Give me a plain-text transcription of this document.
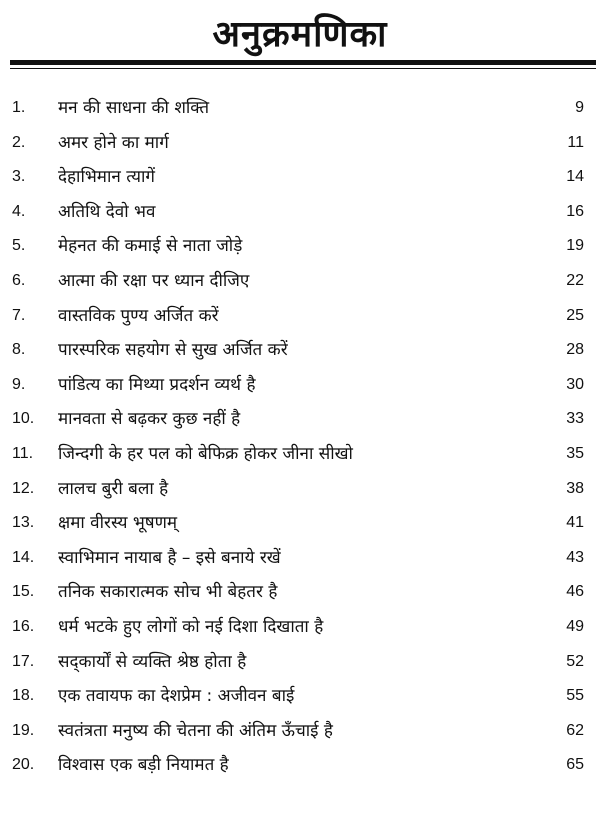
अनुक्रमणिका
1. मन की साधना की शक्ति	9
2. अमर होने का मार्ग	11
3. देहाभिमान त्यागें	14
4. अतिथि देवो भव	16
5. मेहनत की कमाई से नाता जोड़े	19
6. आत्मा की रक्षा पर ध्यान दीजिए	22
7. वास्तविक पुण्य अर्जित करें	25
8. पारस्परिक सहयोग से सुख अर्जित करें	28
9. पांडित्य का मिथ्या प्रदर्शन व्यर्थ है	30
10. मानवता से बढ़कर कुछ नहीं है	33
11. जिन्दगी के हर पल को बेफिक्र होकर जीना सीखो	35
12. लालच बुरी बला है	38
13. क्षमा वीरस्य भूषणम्	41
14. स्वाभिमान नायाब है – इसे बनाये रखें	43
15. तनिक सकारात्मक सोच भी बेहतर है	46
16. धर्म भटके हुए लोगों को नई दिशा दिखाता है	49
17. सद्कार्यों से व्यक्ति श्रेष्ठ होता है	52
18. एक तवायफ का देशप्रेम : अजीवन बाई	55
19. स्वतंत्रता मनुष्य की चेतना की अंतिम ऊँचाई है	62
20. विश्वास एक बड़ी नियामत है	65
